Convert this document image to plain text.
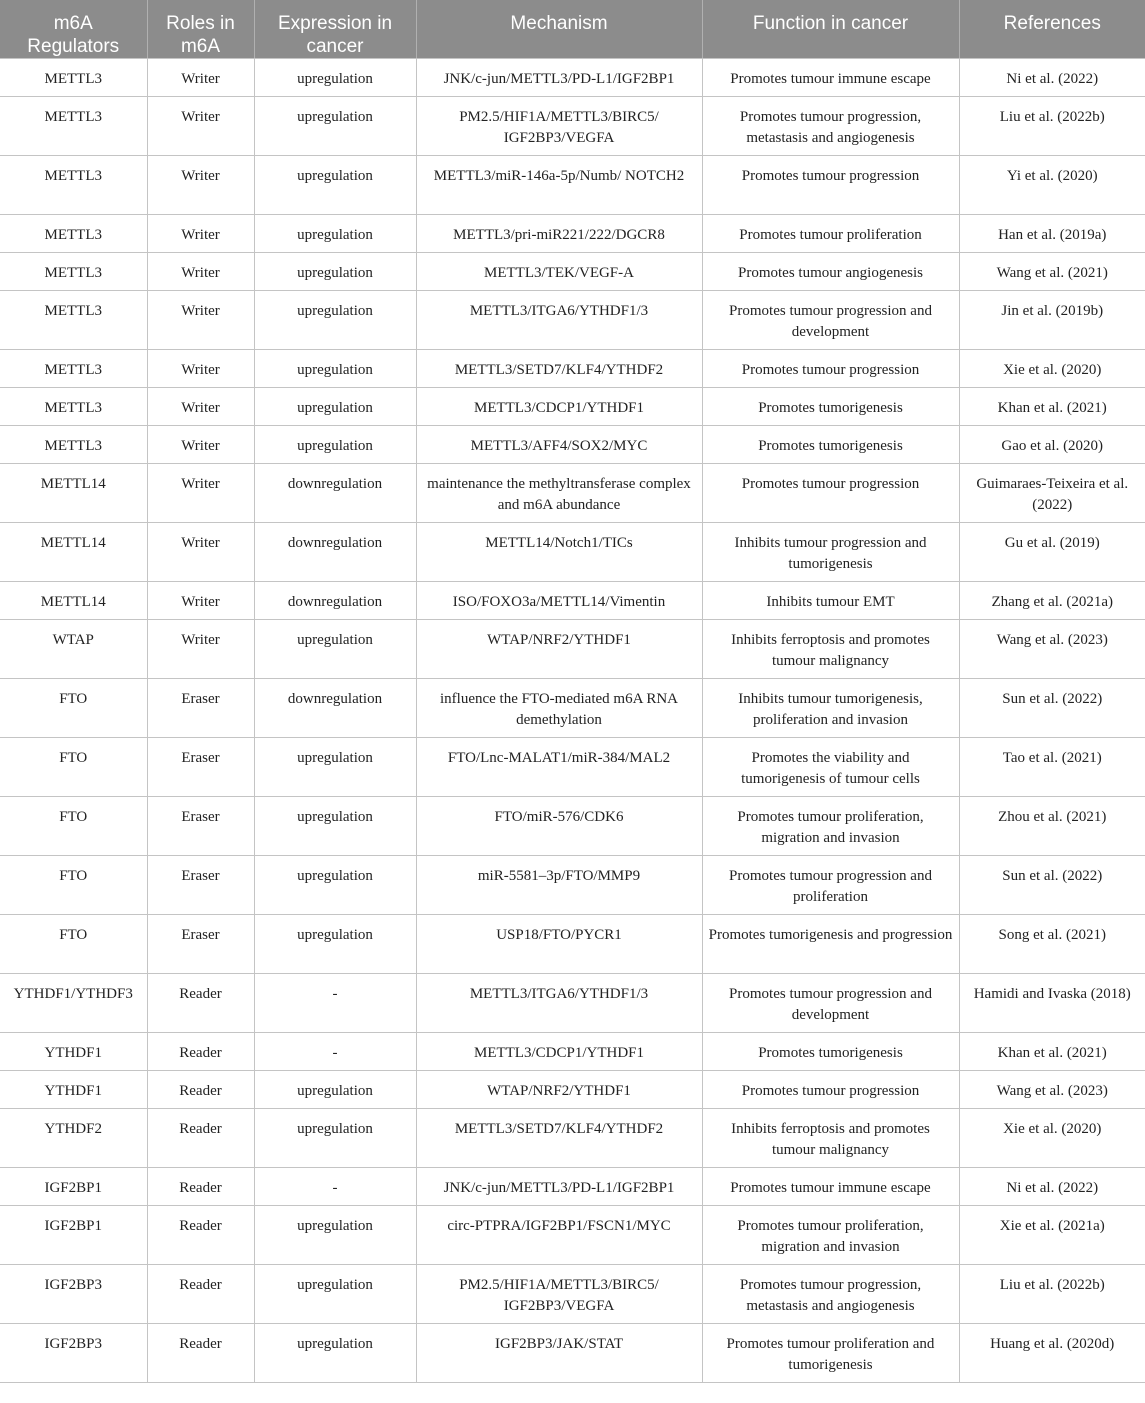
m6A Regulators	Roles in m6A	Expression in cancer	Mechanism	Function in cancer	References
METTL3	Writer	upregulation	JNK/c-jun/METTL3/PD-L1/IGF2BP1	Promotes tumour immune escape	Ni et al. (2022)
METTL3	Writer	upregulation	PM2.5/HIF1A/METTL3/BIRC5/ IGF2BP3/VEGFA	Promotes tumour progression, metastasis and angiogenesis	Liu et al. (2022b)
METTL3	Writer	upregulation	METTL3/miR-146a-5p/Numb/ NOTCH2	Promotes tumour progression	Yi et al. (2020)
METTL3	Writer	upregulation	METTL3/pri-miR221/222/DGCR8	Promotes tumour proliferation	Han et al. (2019a)
METTL3	Writer	upregulation	METTL3/TEK/VEGF-A	Promotes tumour angiogenesis	Wang et al. (2021)
METTL3	Writer	upregulation	METTL3/ITGA6/YTHDF1/3	Promotes tumour progression and development	Jin et al. (2019b)
METTL3	Writer	upregulation	METTL3/SETD7/KLF4/YTHDF2	Promotes tumour progression	Xie et al. (2020)
METTL3	Writer	upregulation	METTL3/CDCP1/YTHDF1	Promotes tumorigenesis	Khan et al. (2021)
METTL3	Writer	upregulation	METTL3/AFF4/SOX2/MYC	Promotes tumorigenesis	Gao et al. (2020)
METTL14	Writer	downregulation	maintenance the methyltransferase complex and m6A abundance	Promotes tumour progression	Guimaraes-Teixeira et al. (2022)
METTL14	Writer	downregulation	METTL14/Notch1/TICs	Inhibits tumour progression and tumorigenesis	Gu et al. (2019)
METTL14	Writer	downregulation	ISO/FOXO3a/METTL14/Vimentin	Inhibits tumour EMT	Zhang et al. (2021a)
WTAP	Writer	upregulation	WTAP/NRF2/YTHDF1	Inhibits ferroptosis and promotes tumour malignancy	Wang et al. (2023)
FTO	Eraser	downregulation	influence the FTO-mediated m6A RNA demethylation	Inhibits tumour tumorigenesis, proliferation and invasion	Sun et al. (2022)
FTO	Eraser	upregulation	FTO/Lnc-MALAT1/miR-384/MAL2	Promotes the viability and tumorigenesis of tumour cells	Tao et al. (2021)
FTO	Eraser	upregulation	FTO/miR-576/CDK6	Promotes tumour proliferation, migration and invasion	Zhou et al. (2021)
FTO	Eraser	upregulation	miR-5581–3p/FTO/MMP9	Promotes tumour progression and proliferation	Sun et al. (2022)
FTO	Eraser	upregulation	USP18/FTO/PYCR1	Promotes tumorigenesis and progression	Song et al. (2021)
YTHDF1/YTHDF3	Reader	-	METTL3/ITGA6/YTHDF1/3	Promotes tumour progression and development	Hamidi and Ivaska (2018)
YTHDF1	Reader	-	METTL3/CDCP1/YTHDF1	Promotes tumorigenesis	Khan et al. (2021)
YTHDF1	Reader	upregulation	WTAP/NRF2/YTHDF1	Promotes tumour progression	Wang et al. (2023)
YTHDF2	Reader	upregulation	METTL3/SETD7/KLF4/YTHDF2	Inhibits ferroptosis and promotes tumour malignancy	Xie et al. (2020)
IGF2BP1	Reader	-	JNK/c-jun/METTL3/PD-L1/IGF2BP1	Promotes tumour immune escape	Ni et al. (2022)
IGF2BP1	Reader	upregulation	circ-PTPRA/IGF2BP1/FSCN1/MYC	Promotes tumour proliferation, migration and invasion	Xie et al. (2021a)
IGF2BP3	Reader	upregulation	PM2.5/HIF1A/METTL3/BIRC5/ IGF2BP3/VEGFA	Promotes tumour progression, metastasis and angiogenesis	Liu et al. (2022b)
IGF2BP3	Reader	upregulation	IGF2BP3/JAK/STAT	Promotes tumour proliferation and tumorigenesis	Huang et al. (2020d)
